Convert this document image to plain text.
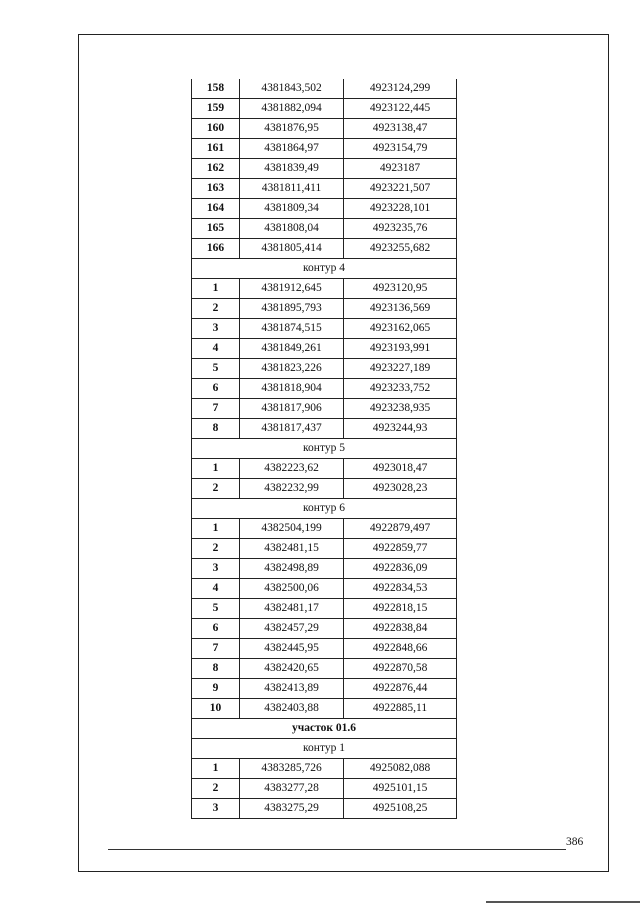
158	4381843,502	4923124,299
159	4381882,094	4923122,445
160	4381876,95	4923138,47
161	4381864,97	4923154,79
162	4381839,49	4923187
163	4381811,411	4923221,507
164	4381809,34	4923228,101
165	4381808,04	4923235,76
166	4381805,414	4923255,682
контур 4		
1	4381912,645	4923120,95
2	4381895,793	4923136,569
3	4381874,515	4923162,065
4	4381849,261	4923193,991
5	4381823,226	4923227,189
6	4381818,904	4923233,752
7	4381817,906	4923238,935
8	4381817,437	4923244,93
контур 5		
1	4382223,62	4923018,47
2	4382232,99	4923028,23
контур 6		
1	4382504,199	4922879,497
2	4382481,15	4922859,77
3	4382498,89	4922836,09
4	4382500,06	4922834,53
5	4382481,17	4922818,15
6	4382457,29	4922838,84
7	4382445,95	4922848,66
8	4382420,65	4922870,58
9	4382413,89	4922876,44
10	4382403,88	4922885,11
участок 01.6		
контур 1		
1	4383285,726	4925082,088
2	4383277,28	4925101,15
3	4383275,29	4925108,25
386
